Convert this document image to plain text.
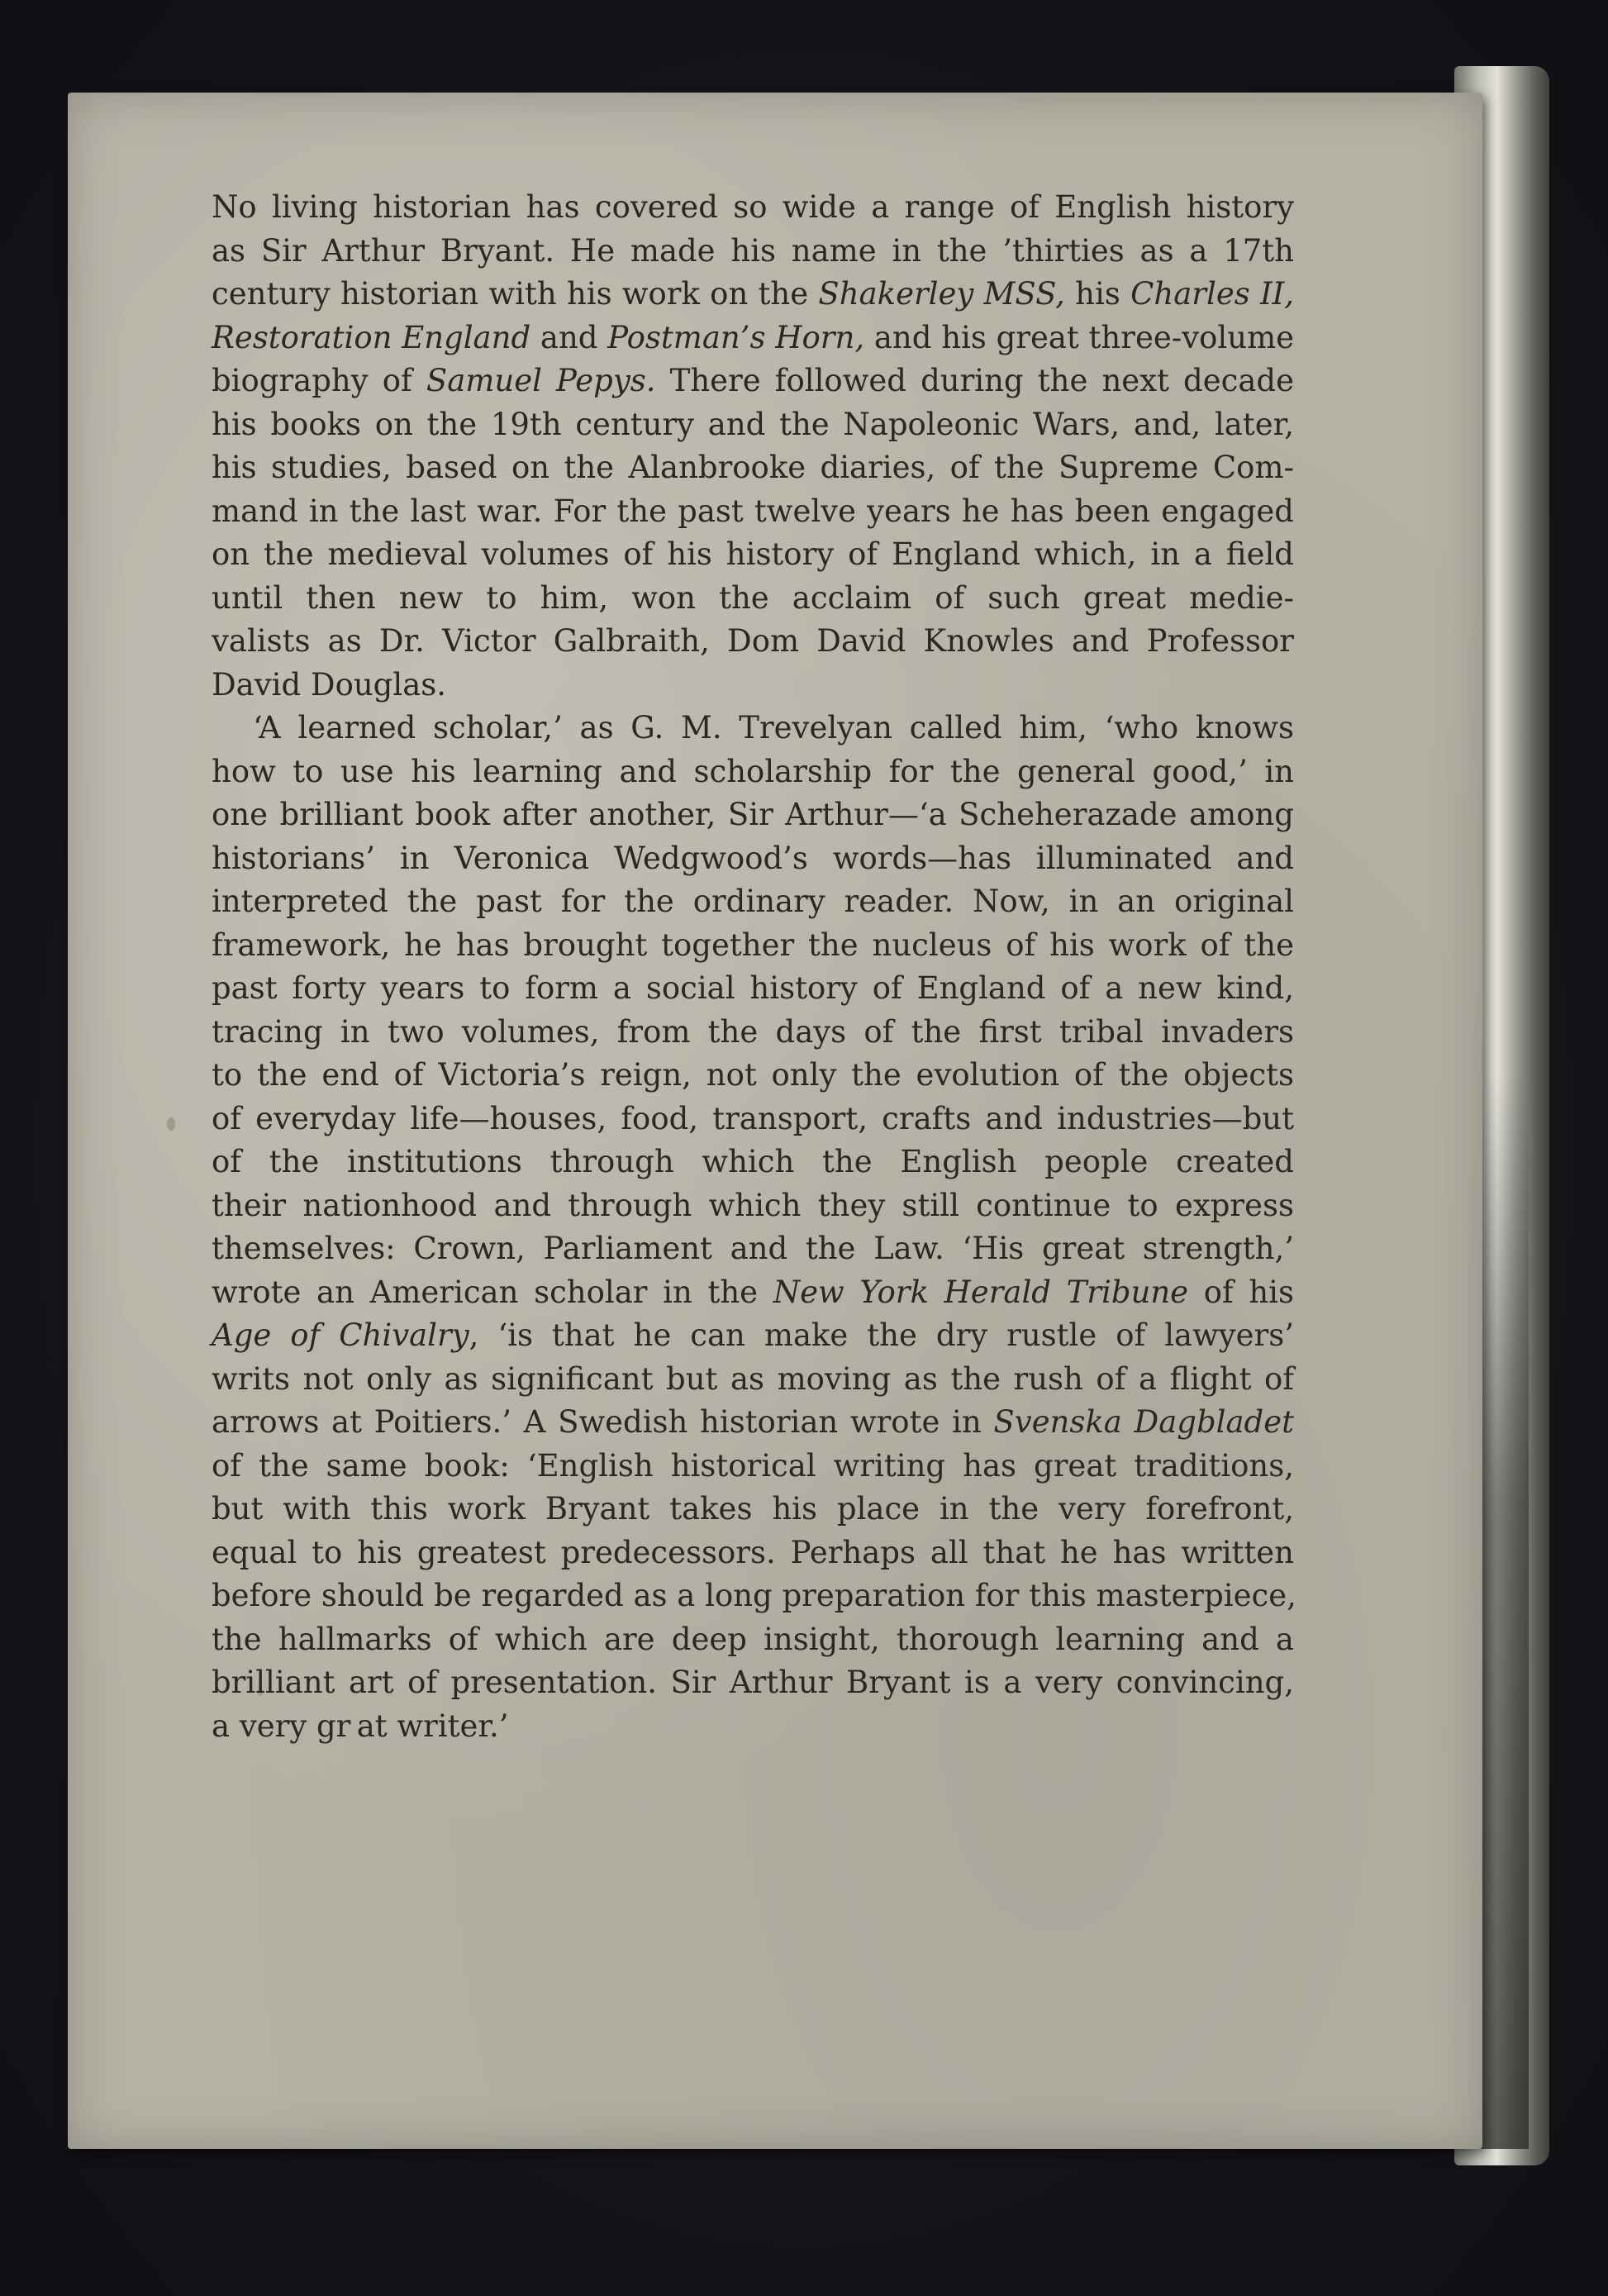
No living historian has covered so wide a range of English history
as Sir Arthur Bryant. He made his name in the ’thirties as a 17th
century historian with his work on the Shakerley MSS, his Charles II,
Restoration England and Postman’s Horn, and his great three-volume
biography of Samuel Pepys. There followed during the next decade
his books on the 19th century and the Napoleonic Wars, and, later,
his studies, based on the Alanbrooke diaries, of the Supreme Com-
mand in the last war. For the past twelve years he has been engaged
on the medieval volumes of his history of England which, in a field
until then new to him, won the acclaim of such great medie-
valists as Dr. Victor Galbraith, Dom David Knowles and Professor
David Douglas.
‘A learned scholar,’ as G. M. Trevelyan called him, ‘who knows
how to use his learning and scholarship for the general good,’ in
one brilliant book after another, Sir Arthur—‘a Scheherazade among
historians’ in Veronica Wedgwood’s words—has illuminated and
interpreted the past for the ordinary reader. Now, in an original
framework, he has brought together the nucleus of his work of the
past forty years to form a social history of England of a new kind,
tracing in two volumes, from the days of the first tribal invaders
to the end of Victoria’s reign, not only the evolution of the objects
of everyday life—houses, food, transport, crafts and industries—but
of the institutions through which the English people created
their nationhood and through which they still continue to express
themselves: Crown, Parliament and the Law. ‘His great strength,’
wrote an American scholar in the New York Herald Tribune of his
Age of Chivalry, ‘is that he can make the dry rustle of lawyers’
writs not only as significant but as moving as the rush of a flight of
arrows at Poitiers.’ A Swedish historian wrote in Svenska Dagbladet
of the same book: ‘English historical writing has great traditions,
but with this work Bryant takes his place in the very forefront,
equal to his greatest predecessors. Perhaps all that he has written
before should be regarded as a long preparation for this masterpiece,
the hallmarks of which are deep insight, thorough learning and a
brilliant art of presentation. Sir Arthur Bryant is a very convincing,
a very gr at writer.’
